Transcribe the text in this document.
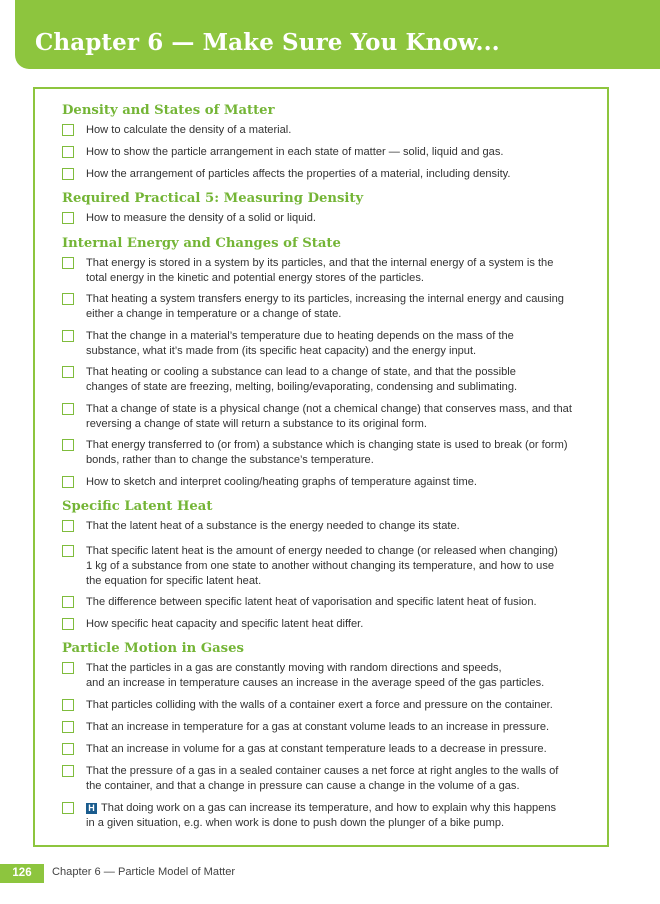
Chapter 6 — Make Sure You Know...
Density and States of Matter
How to calculate the density of a material.
How to show the particle arrangement in each state of matter — solid, liquid and gas.
How the arrangement of particles affects the properties of a material, including density.
Required Practical 5: Measuring Density
How to measure the density of a solid or liquid.
Internal Energy and Changes of State
That energy is stored in a system by its particles, and that the internal energy of a system is the
total energy in the kinetic and potential energy stores of the particles.
That heating a system transfers energy to its particles, increasing the internal energy and causing
either a change in temperature or a change of state.
That the change in a material’s temperature due to heating depends on the mass of the
substance, what it’s made from (its specific heat capacity) and the energy input.
That heating or cooling a substance can lead to a change of state, and that the possible
changes of state are freezing, melting, boiling/evaporating, condensing and sublimating.
That a change of state is a physical change (not a chemical change) that conserves mass, and that
reversing a change of state will return a substance to its original form.
That energy transferred to (or from) a substance which is changing state is used to break (or form)
bonds, rather than to change the substance’s temperature.
How to sketch and interpret cooling/heating graphs of temperature against time.
Specific Latent Heat
That the latent heat of a substance is the energy needed to change its state.
That specific latent heat is the amount of energy needed to change (or released when changing)
1 kg of a substance from one state to another without changing its temperature, and how to use
the equation for specific latent heat.
The difference between specific latent heat of vaporisation and specific latent heat of fusion.
How specific heat capacity and specific latent heat differ.
Particle Motion in Gases
That the particles in a gas are constantly moving with random directions and speeds,
and an increase in temperature causes an increase in the average speed of the gas particles.
That particles colliding with the walls of a container exert a force and pressure on the container.
That an increase in temperature for a gas at constant volume leads to an increase in pressure.
That an increase in volume for a gas at constant temperature leads to a decrease in pressure.
That the pressure of a gas in a sealed container causes a net force at right angles to the walls of
the container, and that a change in pressure can cause a change in the volume of a gas.
H That doing work on a gas can increase its temperature, and how to explain why this happens
in a given situation, e.g. when work is done to push down the plunger of a bike pump.
126	Chapter 6 — Particle Model of Matter
